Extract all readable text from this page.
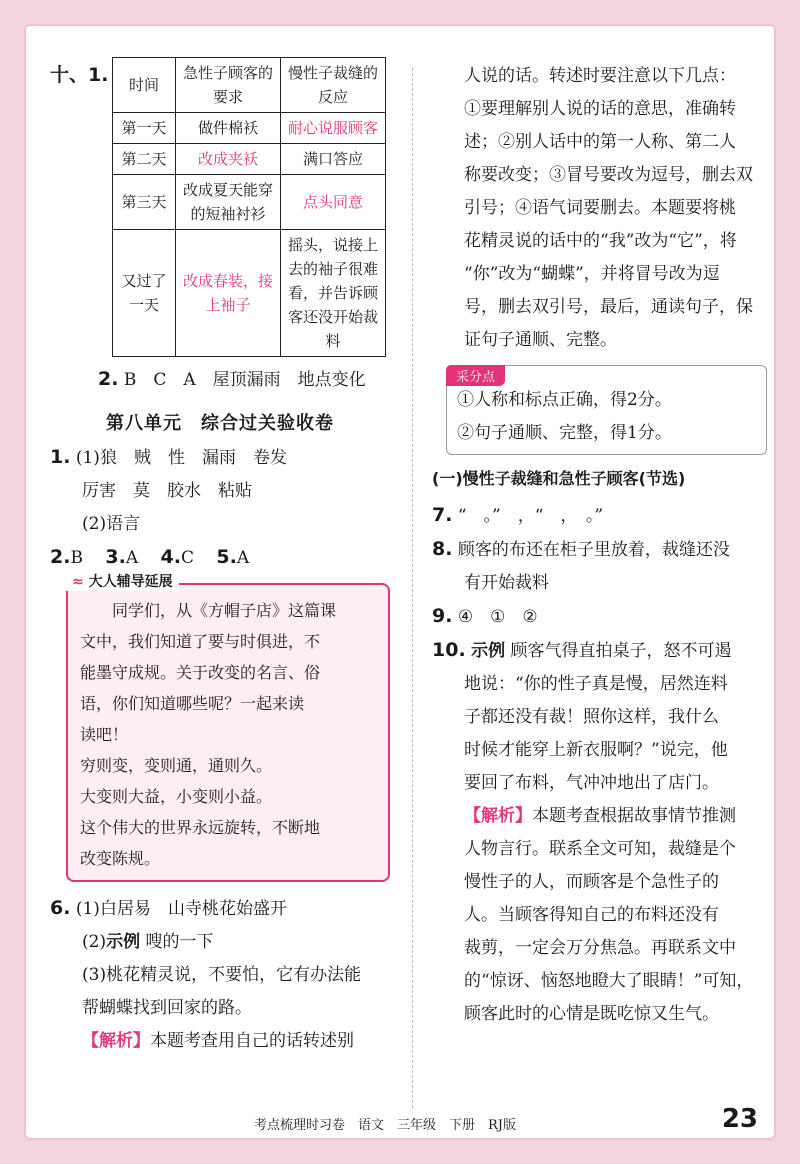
十、1.	时间	急性子顾客的要求	慢性子裁缝的反应
第一天	做件棉袄	耐心说服顾客
第二天	改成夹袄	满口答应
第三天	改成夏天能穿的短袖衬衫	点头同意
又过了一天	改成春装，接上袖子	摇头，说接上去的袖子很难看，并告诉顾客还没开始裁料
2. B　C　A　屋顶漏雨　地点变化
第八单元　综合过关验收卷
1. (1)狼　贼　性　漏雨　卷发
厉害　莫　胶水　粘贴
(2)语言
2.B　 3.A　 4.C　 5.A
≈ 大人辅导延展
　　同学们，从《方帽子店》这篇课
文中，我们知道了要与时俱进，不
能墨守成规。关于改变的名言、俗
语，你们知道哪些呢？一起来读
读吧！
穷则变，变则通，通则久。
大变则大益，小变则小益。
这个伟大的世界永远旋转，不断地
改变陈规。
6. (1)白居易　山寺桃花始盛开
(2)示例 嗖的一下
(3)桃花精灵说，不要怕，它有办法能
帮蝴蝶找到回家的路。
【解析】本题考查用自己的话转述别
人说的话。转述时要注意以下几点：
①要理解别人说的话的意思，准确转
述；②别人话中的第一人称、第二人
称要改变；③冒号要改为逗号，删去双
引号；④语气词要删去。本题要将桃
花精灵说的话中的“我”改为“它”，将
“你”改为“蝴蝶”，并将冒号改为逗
号，删去双引号，最后，通读句子，保
证句子通顺、完整。
采分点
①人称和标点正确，得2分。
②句子通顺、完整，得1分。
(一)慢性子裁缝和急性子顾客(节选)
7. “　。”　，“　，　。”
8. 顾客的布还在柜子里放着，裁缝还没
有开始裁料
9. ④　①　②
10. 示例 顾客气得直拍桌子，怒不可遏
地说：“你的性子真是慢，居然连料
子都还没有裁！照你这样，我什么
时候才能穿上新衣服啊？”说完，他
要回了布料，气冲冲地出了店门。
【解析】本题考查根据故事情节推测
人物言行。联系全文可知，裁缝是个
慢性子的人，而顾客是个急性子的
人。当顾客得知自己的布料还没有
裁剪，一定会万分焦急。再联系文中
的“惊讶、恼怒地瞪大了眼睛！”可知，
顾客此时的心情是既吃惊又生气。
考点梳理时习卷　语文　三年级　下册　RJ版	23
